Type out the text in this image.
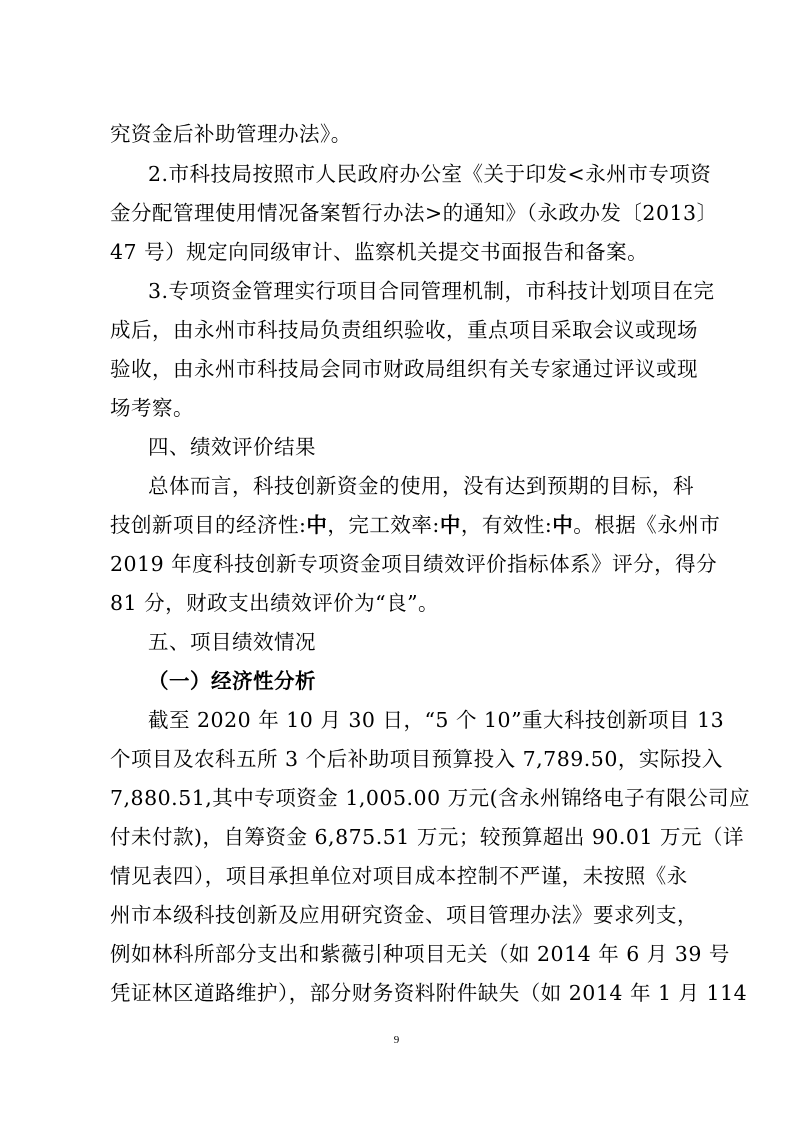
究资金后补助管理办法》。
2.市科技局按照市人民政府办公室《关于印发<永州市专项资
金分配管理使用情况备案暂行办法>的通知》（永政办发〔2013〕
47 号）规定向同级审计、监察机关提交书面报告和备案。
3.专项资金管理实行项目合同管理机制，市科技计划项目在完
成后，由永州市科技局负责组织验收，重点项目采取会议或现场
验收，由永州市科技局会同市财政局组织有关专家通过评议或现
场考察。
四、绩效评价结果
总体而言，科技创新资金的使用，没有达到预期的目标，科
技创新项目的经济性:中，完工效率:中，有效性:中。根据《永州市
2019 年度科技创新专项资金项目绩效评价指标体系》评分，得分
81 分，财政支出绩效评价为“良”。
五、项目绩效情况
（一）经济性分析
截至 2020 年 10 月 30 日，“5 个 10”重大科技创新项目 13
个项目及农科五所 3 个后补助项目预算投入 7,789.50，实际投入
7,880.51,其中专项资金 1,005.00 万元(含永州锦络电子有限公司应
付未付款)，自筹资金 6,875.51 万元；较预算超出 90.01 万元（详
情见表四），项目承担单位对项目成本控制不严谨，未按照《永
州市本级科技创新及应用研究资金、项目管理办法》要求列支，
例如林科所部分支出和紫薇引种项目无关（如 2014 年 6 月 39 号
凭证林区道路维护），部分财务资料附件缺失（如 2014 年 1 月 114
9
